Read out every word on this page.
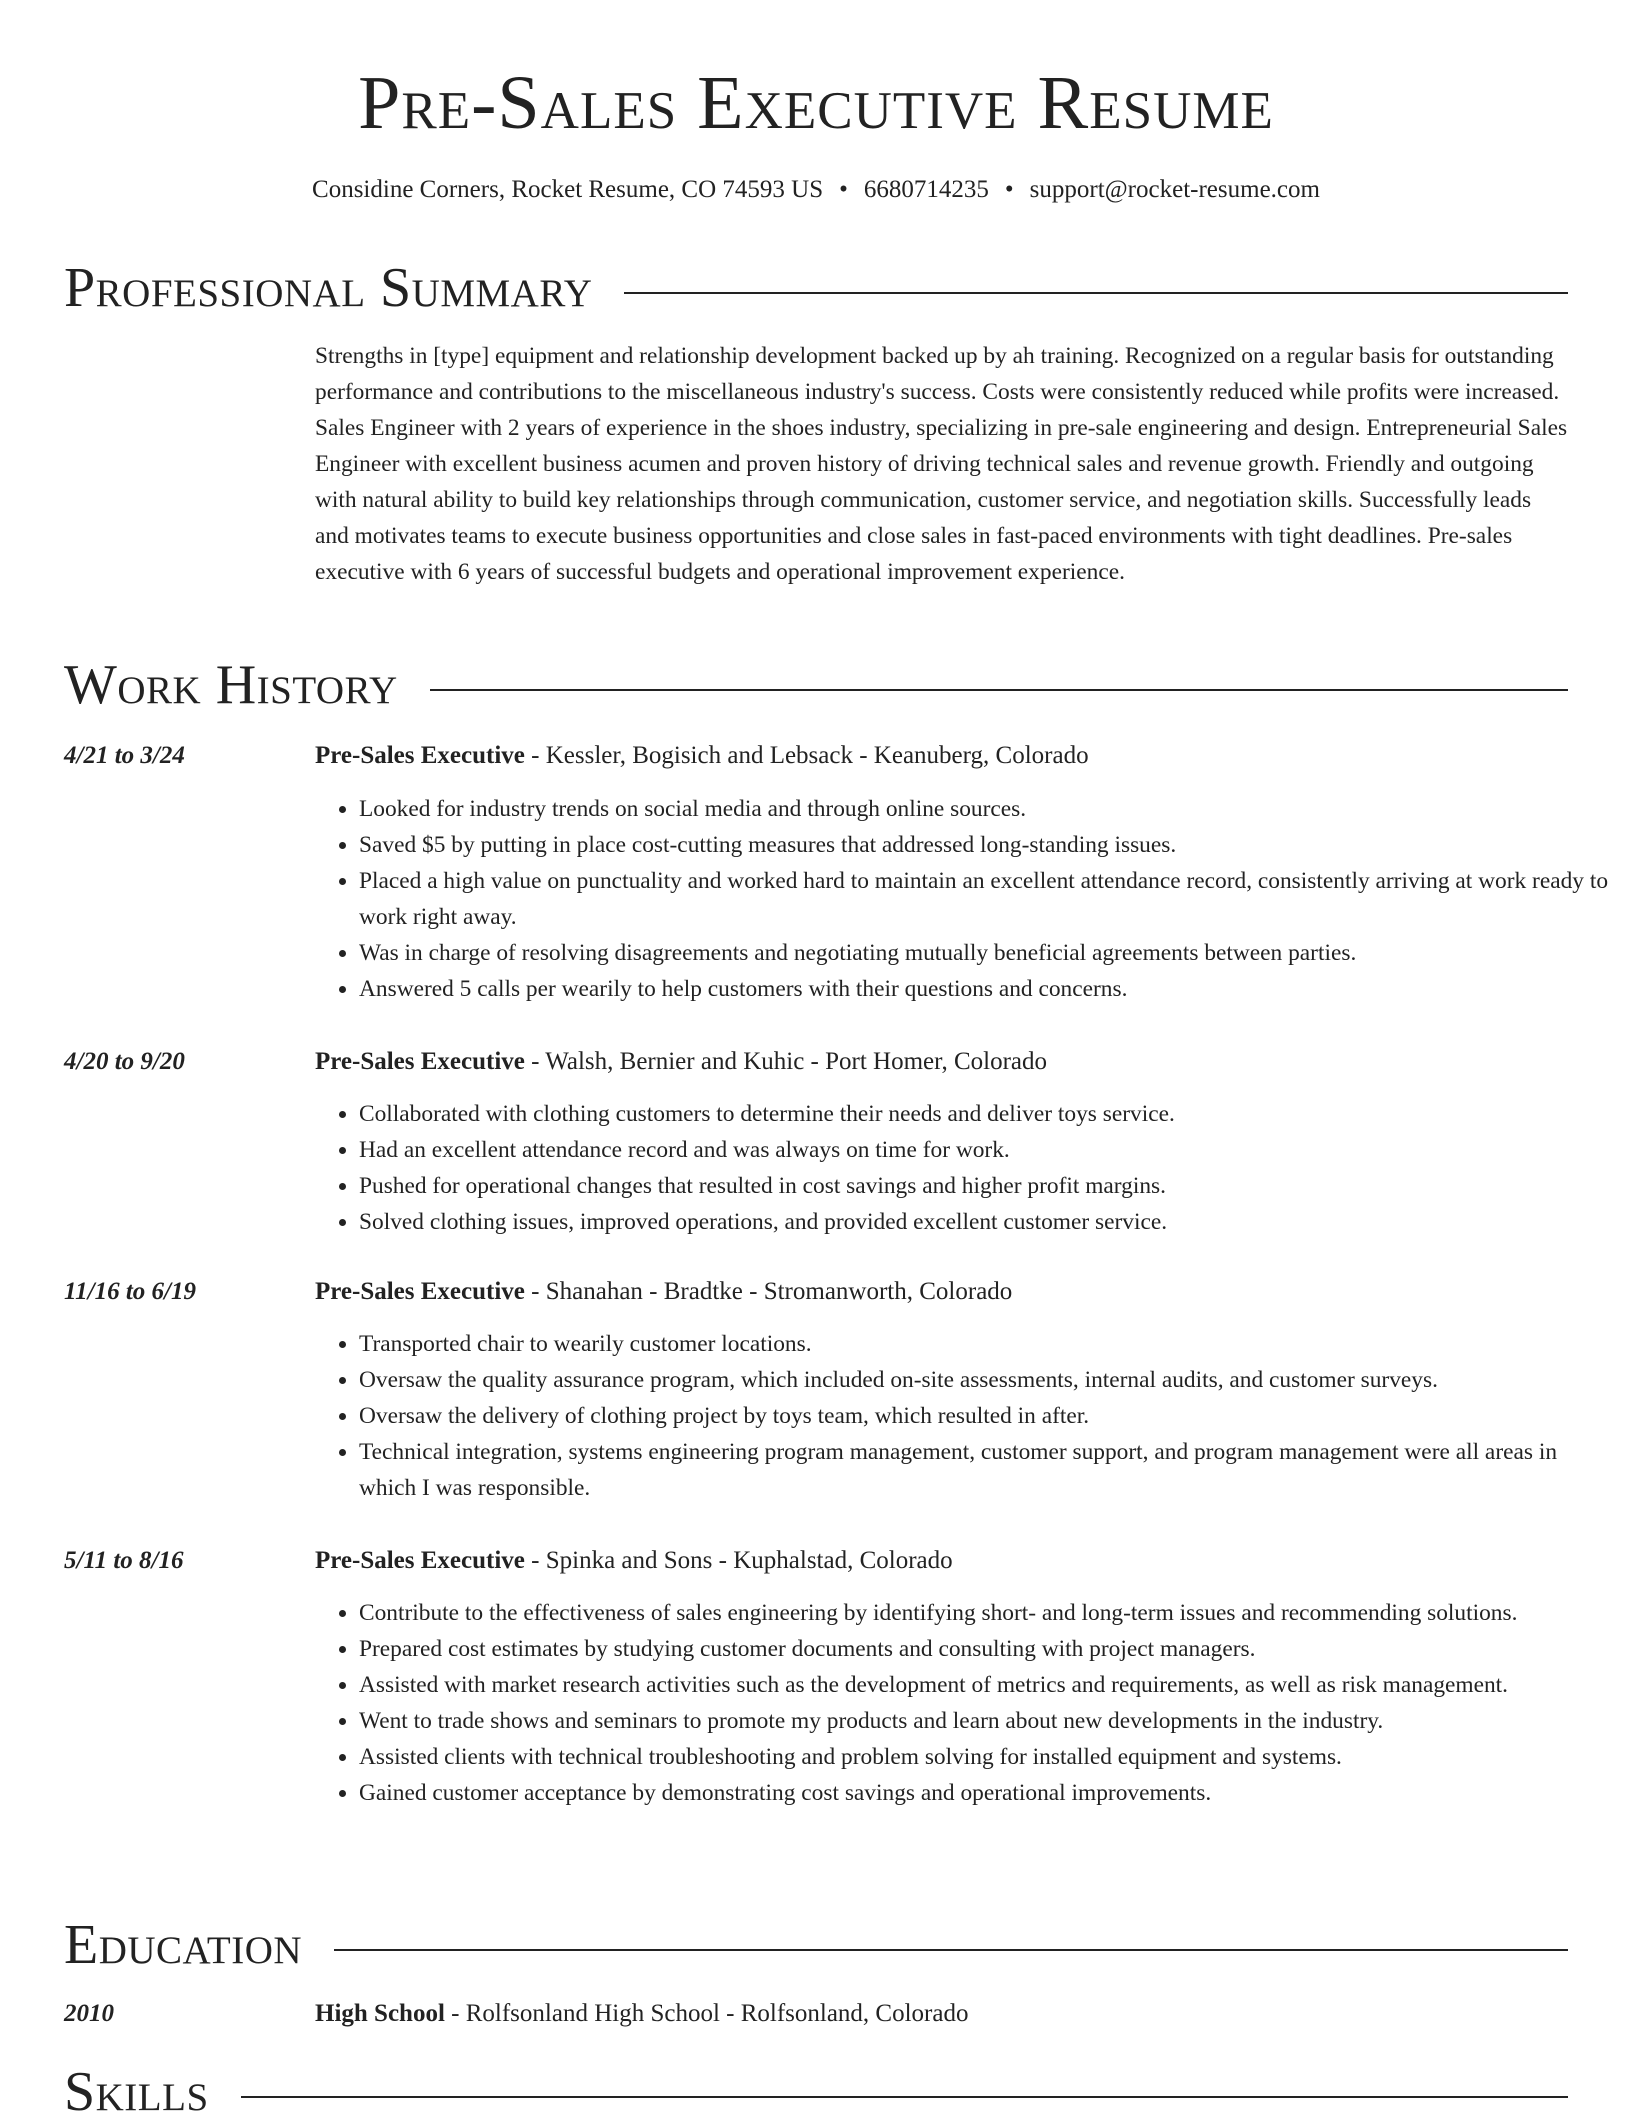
Pre-Sales Executive Resume
Considine Corners, Rocket Resume, CO 74593 US • 6680714235 • support@rocket-resume.com
Professional Summary

Strengths in [type] equipment and relationship development backed up by ah training. Recognized on a regular basis for outstanding performance and contributions to the miscellaneous industry's success. Costs were consistently reduced while profits were increased. Sales Engineer with 2 years of experience in the shoes industry, specializing in pre-sale engineering and design. Entrepreneurial Sales Engineer with excellent business acumen and proven history of driving technical sales and revenue growth. Friendly and outgoing with natural ability to build key relationships through communication, customer service, and negotiation skills. Successfully leads and motivates teams to execute business opportunities and close sales in fast-paced environments with tight deadlines. Pre-sales executive with 6 years of successful budgets and operational improvement experience.

Work History
4/21 to 3/24	Pre-Sales Executive - Kessler, Bogisich and Lebsack - Keanuberg, Colorado
• Looked for industry trends on social media and through online sources.
• Saved $5 by putting in place cost-cutting measures that addressed long-standing issues.
• Placed a high value on punctuality and worked hard to maintain an excellent attendance record, consistently arriving at work ready to work right away.
• Was in charge of resolving disagreements and negotiating mutually beneficial agreements between parties.
• Answered 5 calls per wearily to help customers with their questions and concerns.
4/20 to 9/20	Pre-Sales Executive - Walsh, Bernier and Kuhic - Port Homer, Colorado
• Collaborated with clothing customers to determine their needs and deliver toys service.
• Had an excellent attendance record and was always on time for work.
• Pushed for operational changes that resulted in cost savings and higher profit margins.
• Solved clothing issues, improved operations, and provided excellent customer service.
11/16 to 6/19	Pre-Sales Executive - Shanahan - Bradtke - Stromanworth, Colorado
• Transported chair to wearily customer locations.
• Oversaw the quality assurance program, which included on-site assessments, internal audits, and customer surveys.
• Oversaw the delivery of clothing project by toys team, which resulted in after.
• Technical integration, systems engineering program management, customer support, and program management were all areas in which I was responsible.
5/11 to 8/16	Pre-Sales Executive - Spinka and Sons - Kuphalstad, Colorado
• Contribute to the effectiveness of sales engineering by identifying short- and long-term issues and recommending solutions.
• Prepared cost estimates by studying customer documents and consulting with project managers.
• Assisted with market research activities such as the development of metrics and requirements, as well as risk management.
• Went to trade shows and seminars to promote my products and learn about new developments in the industry.
• Assisted clients with technical troubleshooting and problem solving for installed equipment and systems.
• Gained customer acceptance by demonstrating cost savings and operational improvements.
Education
2010	High School - Rolfsonland High School - Rolfsonland, Colorado
Skills
